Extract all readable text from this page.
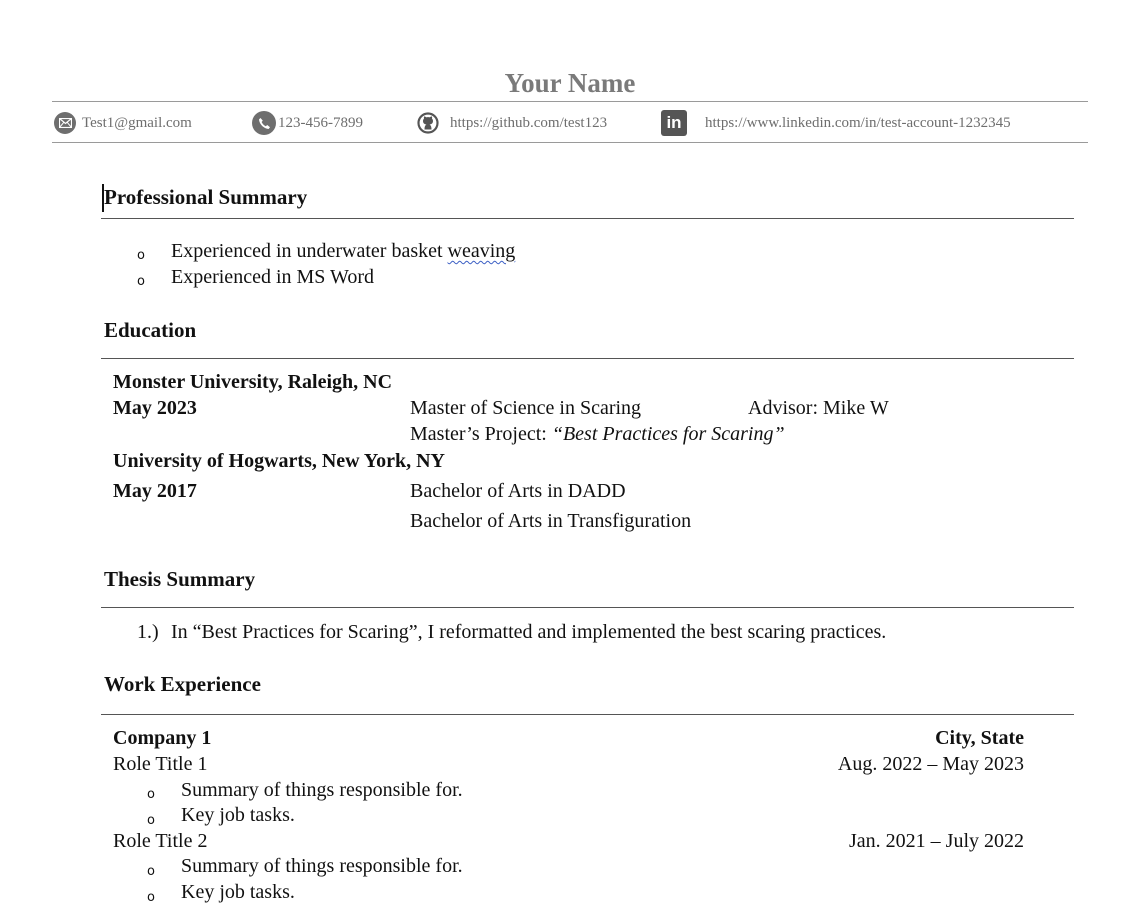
Your Name
Test1@gmail.com	123-456-7899	https://github.com/test123	in	https://www.linkedin.com/in/test-account-1232345
Professional Summary
o Experienced in underwater basket weaving
o Experienced in MS Word
Education
Monster University, Raleigh, NC
May 2023	Master of Science in Scaring	Advisor: Mike W
Master’s Project: “Best Practices for Scaring”
University of Hogwarts, New York, NY
May 2017	Bachelor of Arts in DADD
Bachelor of Arts in Transfiguration
Thesis Summary
1.) In “Best Practices for Scaring”, I reformatted and implemented the best scaring practices.
Work Experience
Company 1	City, State
Role Title 1	Aug. 2022 – May 2023
o Summary of things responsible for.
o Key job tasks.
Role Title 2	Jan. 2021 – July 2022
o Summary of things responsible for.
o Key job tasks.
